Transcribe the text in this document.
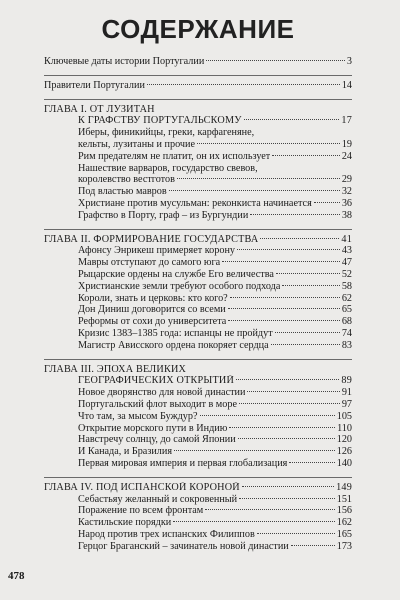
СОДЕРЖАНИЕ
Ключевые даты истории Португалии	3
Правители Португалии	14
ГЛАВА I. ОТ ЛУЗИТАН
К ГРАФСТВУ ПОРТУГАЛЬСКОМУ	17
Иберы, финикийцы, греки, карфагеняне,
кельты, лузитаны и прочие	19
Рим предателям не платит, он их использует	24
Нашествие варваров, государство свевов,
королевство вестготов	29
Под властью мавров	32
Христиане против мусульман: реконкиста начинается	36
Графство в Порту, граф – из Бургундии	38
ГЛАВА II. ФОРМИРОВАНИЕ ГОСУДАРСТВА	41
Афонсу Энрикеш примеряет корону	43
Мавры отступают до самого юга	47
Рыцарские ордены на службе Его величества	52
Христианские земли требуют особого подхода	58
Короли, знать и церковь: кто кого?	62
Дон Диниш договорится со всеми	65
Реформы от сохи до университета	68
Кризис 1383–1385 года: испанцы не пройдут	74
Магистр Ависского ордена покоряет сердца	83
ГЛАВА III. ЭПОХА ВЕЛИКИХ
ГЕОГРАФИЧЕСКИХ ОТКРЫТИЙ	89
Новое дворянство для новой династии	91
Португальский флот выходит в море	97
Что там, за мысом Буждур?	105
Открытие морского пути в Индию	110
Навстречу солнцу, до самой Японии	120
И Канада, и Бразилия	126
Первая мировая империя и первая глобализация	140
ГЛАВА IV. ПОД ИСПАНСКОЙ КОРОНОЙ	149
Себастьяу желанный и сокровенный	151
Поражение по всем фронтам	156
Кастильские порядки	162
Народ против трех испанских Филиппов	165
Герцог Браганский – зачинатель новой династии	173
478
